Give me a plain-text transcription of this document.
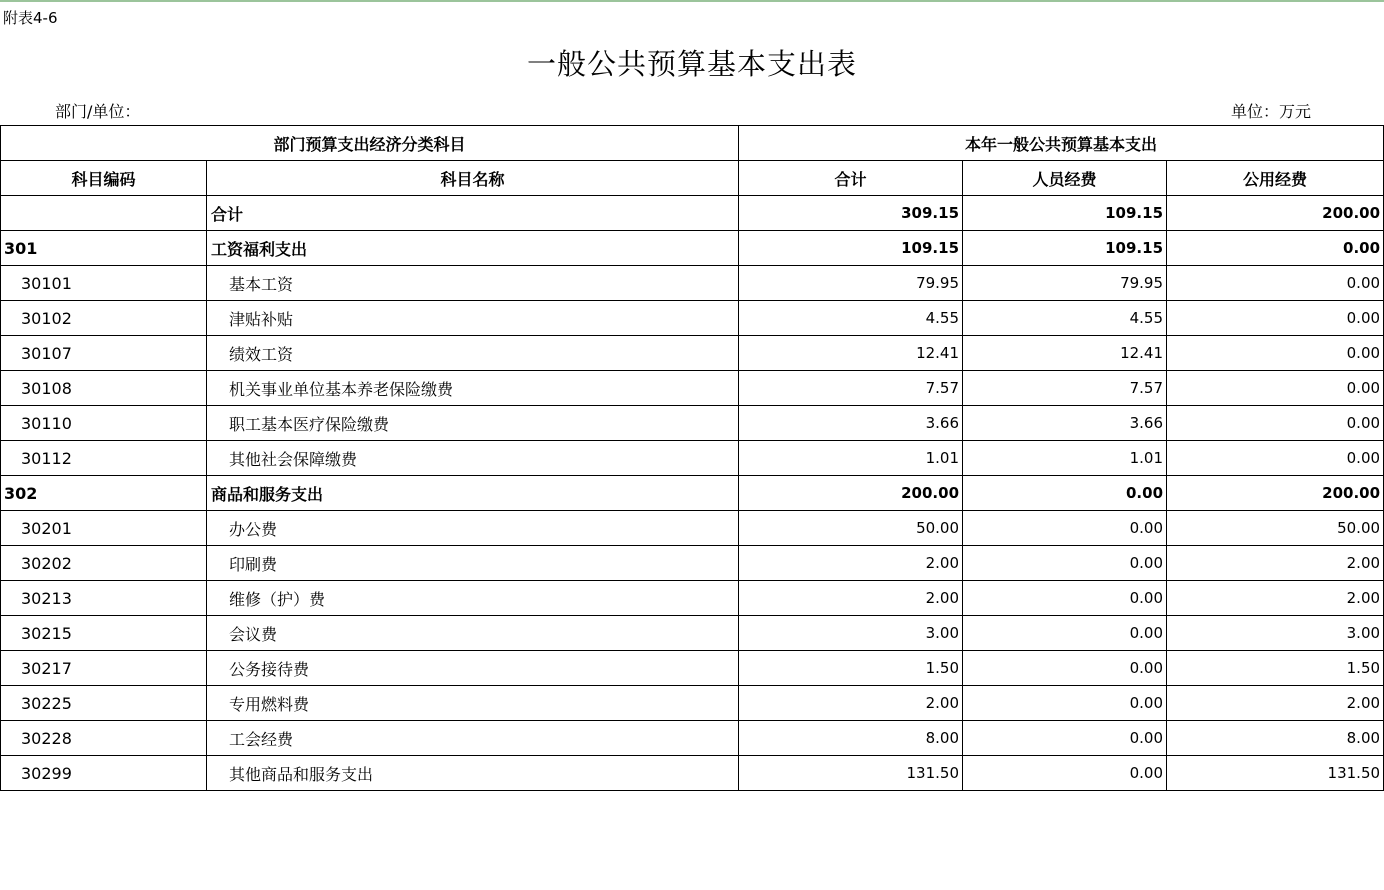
附表4-6
一般公共预算基本支出表
部门/单位：	单位：万元
部门预算支出经济分类科目		本年一般公共预算基本支出		
科目编码	科目名称	合计	人员经费	公用经费
	合计	309.15	109.15	200.00
301	工资福利支出	109.15	109.15	0.00
30101	基本工资	79.95	79.95	0.00
30102	津贴补贴	4.55	4.55	0.00
30107	绩效工资	12.41	12.41	0.00
30108	机关事业单位基本养老保险缴费	7.57	7.57	0.00
30110	职工基本医疗保险缴费	3.66	3.66	0.00
30112	其他社会保障缴费	1.01	1.01	0.00
302	商品和服务支出	200.00	0.00	200.00
30201	办公费	50.00	0.00	50.00
30202	印刷费	2.00	0.00	2.00
30213	维修（护）费	2.00	0.00	2.00
30215	会议费	3.00	0.00	3.00
30217	公务接待费	1.50	0.00	1.50
30225	专用燃料费	2.00	0.00	2.00
30228	工会经费	8.00	0.00	8.00
30299	其他商品和服务支出	131.50	0.00	131.50
